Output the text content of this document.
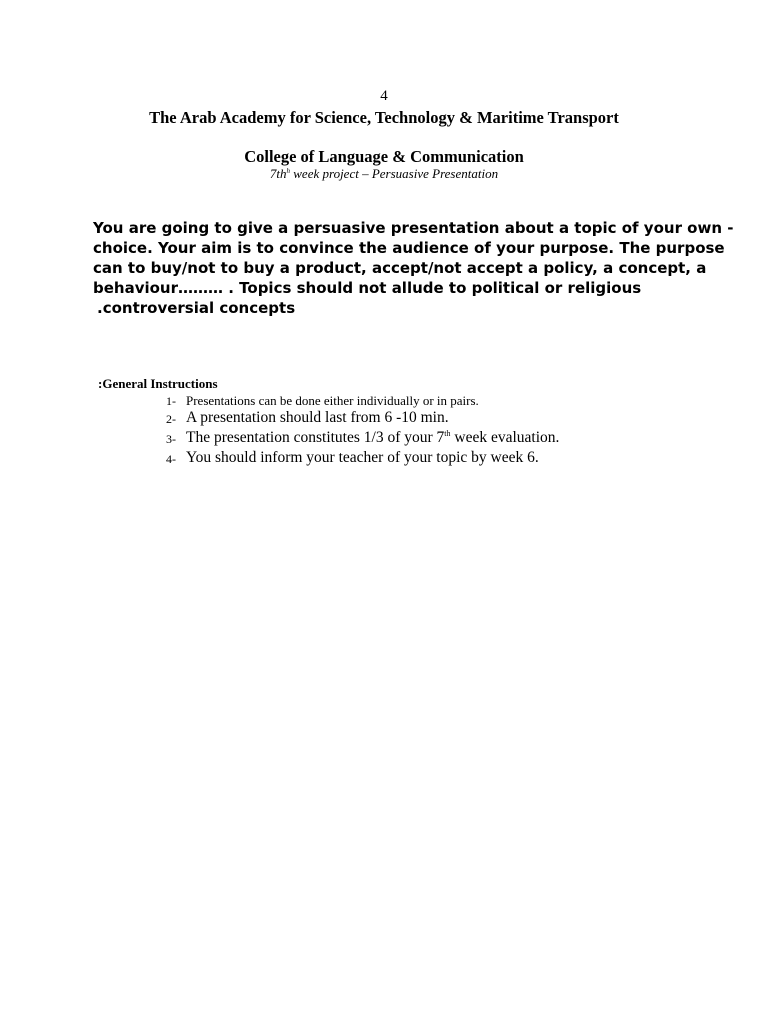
4
The Arab Academy for Science, Technology & Maritime Transport
College of Language & Communication
$7th^h$ week project – Persuasive Presentation
You are going to give a persuasive presentation about a topic of your own -
choice. Your aim is to convince the audience of your purpose. The purpose
can to buy/not to buy a product, accept/not accept a policy, a concept, a
behaviour……… . Topics should not allude to political or religious
.controversial concepts
:General Instructions
1- Presentations can be done either individually or in pairs.
2- A presentation should last from 6 -10 min.
3- The presentation constitutes 1/3 of your 7th week evaluation.
4- You should inform your teacher of your topic by week 6.
